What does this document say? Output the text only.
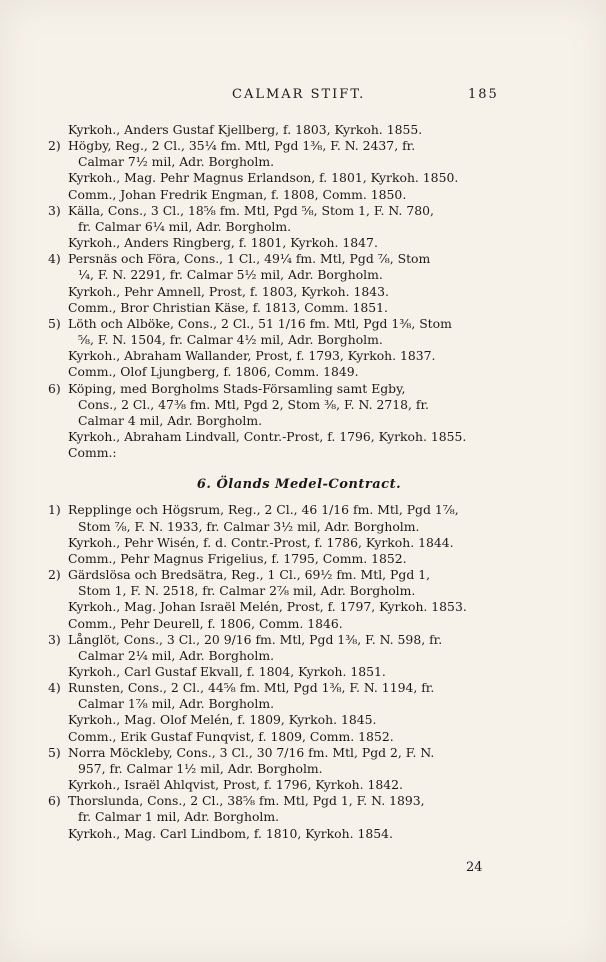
CALMAR STIFT.	185
Kyrkoh., Anders Gustaf Kjellberg, f. 1803, Kyrkoh. 1855.
2) Högby, Reg., 2 Cl., 35¼ fm. Mtl, Pgd 1⅜, F. N. 2437, fr.
Calmar 7½ mil, Adr. Borgholm.
Kyrkoh., Mag. Pehr Magnus Erlandson, f. 1801, Kyrkoh. 1850.
Comm., Johan Fredrik Engman, f. 1808, Comm. 1850.
3) Källa, Cons., 3 Cl., 18⅝ fm. Mtl, Pgd ⅝, Stom 1, F. N. 780,
fr. Calmar 6¼ mil, Adr. Borgholm.
Kyrkoh., Anders Ringberg, f. 1801, Kyrkoh. 1847.
4) Persnäs och Föra, Cons., 1 Cl., 49¼ fm. Mtl, Pgd ⅞, Stom
¼, F. N. 2291, fr. Calmar 5½ mil, Adr. Borgholm.
Kyrkoh., Pehr Amnell, Prost, f. 1803, Kyrkoh. 1843.
Comm., Bror Christian Käse, f. 1813, Comm. 1851.
5) Löth och Alböke, Cons., 2 Cl., 51 1/16 fm. Mtl, Pgd 1⅜, Stom
⅝, F. N. 1504, fr. Calmar 4½ mil, Adr. Borgholm.
Kyrkoh., Abraham Wallander, Prost, f. 1793, Kyrkoh. 1837.
Comm., Olof Ljungberg, f. 1806, Comm. 1849.
6) Köping, med Borgholms Stads-Församling samt Egby,
Cons., 2 Cl., 47⅜ fm. Mtl, Pgd 2, Stom ⅜, F. N. 2718, fr.
Calmar 4 mil, Adr. Borgholm.
Kyrkoh., Abraham Lindvall, Contr.-Prost, f. 1796, Kyrkoh. 1855.
Comm.:
6. Ölands Medel-Contract.
1) Repplinge och Högsrum, Reg., 2 Cl., 46 1/16 fm. Mtl, Pgd 1⅞,
Stom ⅞, F. N. 1933, fr. Calmar 3½ mil, Adr. Borgholm.
Kyrkoh., Pehr Wisén, f. d. Contr.-Prost, f. 1786, Kyrkoh. 1844.
Comm., Pehr Magnus Frigelius, f. 1795, Comm. 1852.
2) Gärdslösa och Bredsätra, Reg., 1 Cl., 69½ fm. Mtl, Pgd 1,
Stom 1, F. N. 2518, fr. Calmar 2⅞ mil, Adr. Borgholm.
Kyrkoh., Mag. Johan Israël Melén, Prost, f. 1797, Kyrkoh. 1853.
Comm., Pehr Deurell, f. 1806, Comm. 1846.
3) Långlöt, Cons., 3 Cl., 20 9/16 fm. Mtl, Pgd 1⅜, F. N. 598, fr.
Calmar 2¼ mil, Adr. Borgholm.
Kyrkoh., Carl Gustaf Ekvall, f. 1804, Kyrkoh. 1851.
4) Runsten, Cons., 2 Cl., 44⅝ fm. Mtl, Pgd 1⅜, F. N. 1194, fr.
Calmar 1⅞ mil, Adr. Borgholm.
Kyrkoh., Mag. Olof Melén, f. 1809, Kyrkoh. 1845.
Comm., Erik Gustaf Funqvist, f. 1809, Comm. 1852.
5) Norra Möckleby, Cons., 3 Cl., 30 7/16 fm. Mtl, Pgd 2, F. N.
957, fr. Calmar 1½ mil, Adr. Borgholm.
Kyrkoh., Israël Ahlqvist, Prost, f. 1796, Kyrkoh. 1842.
6) Thorslunda, Cons., 2 Cl., 38⅝ fm. Mtl, Pgd 1, F. N. 1893,
fr. Calmar 1 mil, Adr. Borgholm.
Kyrkoh., Mag. Carl Lindbom, f. 1810, Kyrkoh. 1854.
24
